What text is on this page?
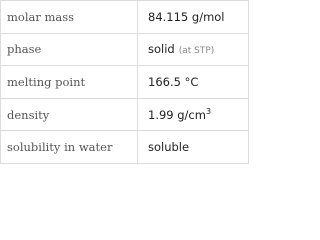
molar mass	84.115 g/mol
phase	solid (at STP)
melting point	166.5 °C
density	1.99 $g/cm^3$
solubility in water	soluble
